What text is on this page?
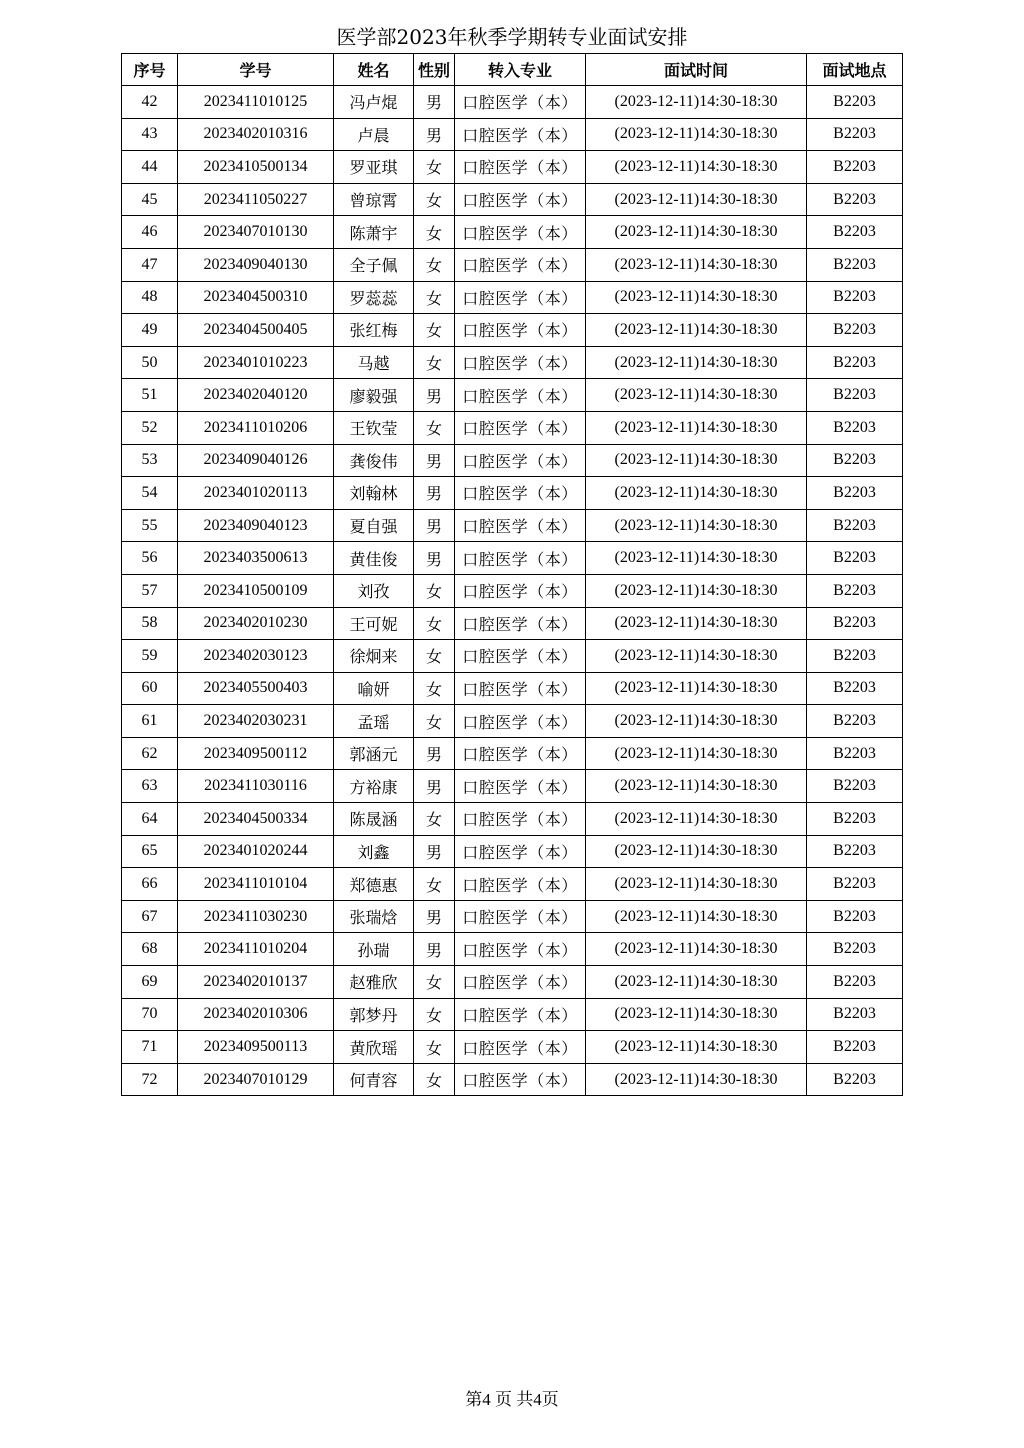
医学部2023年秋季学期转专业面试安排
序号	学号	姓名	性别	转入专业	面试时间	面试地点
42	2023411010125	冯卢焜	男	口腔医学（本）	(2023-12-11)14:30-18:30	B2203
43	2023402010316	卢晨	男	口腔医学（本）	(2023-12-11)14:30-18:30	B2203
44	2023410500134	罗亚琪	女	口腔医学（本）	(2023-12-11)14:30-18:30	B2203
45	2023411050227	曾琼霄	女	口腔医学（本）	(2023-12-11)14:30-18:30	B2203
46	2023407010130	陈萧宇	女	口腔医学（本）	(2023-12-11)14:30-18:30	B2203
47	2023409040130	全子佩	女	口腔医学（本）	(2023-12-11)14:30-18:30	B2203
48	2023404500310	罗蕊蕊	女	口腔医学（本）	(2023-12-11)14:30-18:30	B2203
49	2023404500405	张红梅	女	口腔医学（本）	(2023-12-11)14:30-18:30	B2203
50	2023401010223	马越	女	口腔医学（本）	(2023-12-11)14:30-18:30	B2203
51	2023402040120	廖毅强	男	口腔医学（本）	(2023-12-11)14:30-18:30	B2203
52	2023411010206	王钦莹	女	口腔医学（本）	(2023-12-11)14:30-18:30	B2203
53	2023409040126	龚俊伟	男	口腔医学（本）	(2023-12-11)14:30-18:30	B2203
54	2023401020113	刘翰林	男	口腔医学（本）	(2023-12-11)14:30-18:30	B2203
55	2023409040123	夏自强	男	口腔医学（本）	(2023-12-11)14:30-18:30	B2203
56	2023403500613	黄佳俊	男	口腔医学（本）	(2023-12-11)14:30-18:30	B2203
57	2023410500109	刘孜	女	口腔医学（本）	(2023-12-11)14:30-18:30	B2203
58	2023402010230	王可妮	女	口腔医学（本）	(2023-12-11)14:30-18:30	B2203
59	2023402030123	徐炯来	女	口腔医学（本）	(2023-12-11)14:30-18:30	B2203
60	2023405500403	喻妍	女	口腔医学（本）	(2023-12-11)14:30-18:30	B2203
61	2023402030231	孟瑶	女	口腔医学（本）	(2023-12-11)14:30-18:30	B2203
62	2023409500112	郭涵元	男	口腔医学（本）	(2023-12-11)14:30-18:30	B2203
63	2023411030116	方裕康	男	口腔医学（本）	(2023-12-11)14:30-18:30	B2203
64	2023404500334	陈晟涵	女	口腔医学（本）	(2023-12-11)14:30-18:30	B2203
65	2023401020244	刘鑫	男	口腔医学（本）	(2023-12-11)14:30-18:30	B2203
66	2023411010104	郑德惠	女	口腔医学（本）	(2023-12-11)14:30-18:30	B2203
67	2023411030230	张瑞焓	男	口腔医学（本）	(2023-12-11)14:30-18:30	B2203
68	2023411010204	孙瑞	男	口腔医学（本）	(2023-12-11)14:30-18:30	B2203
69	2023402010137	赵雅欣	女	口腔医学（本）	(2023-12-11)14:30-18:30	B2203
70	2023402010306	郭梦丹	女	口腔医学（本）	(2023-12-11)14:30-18:30	B2203
71	2023409500113	黄欣瑶	女	口腔医学（本）	(2023-12-11)14:30-18:30	B2203
72	2023407010129	何青容	女	口腔医学（本）	(2023-12-11)14:30-18:30	B2203
第4 页 共4页
